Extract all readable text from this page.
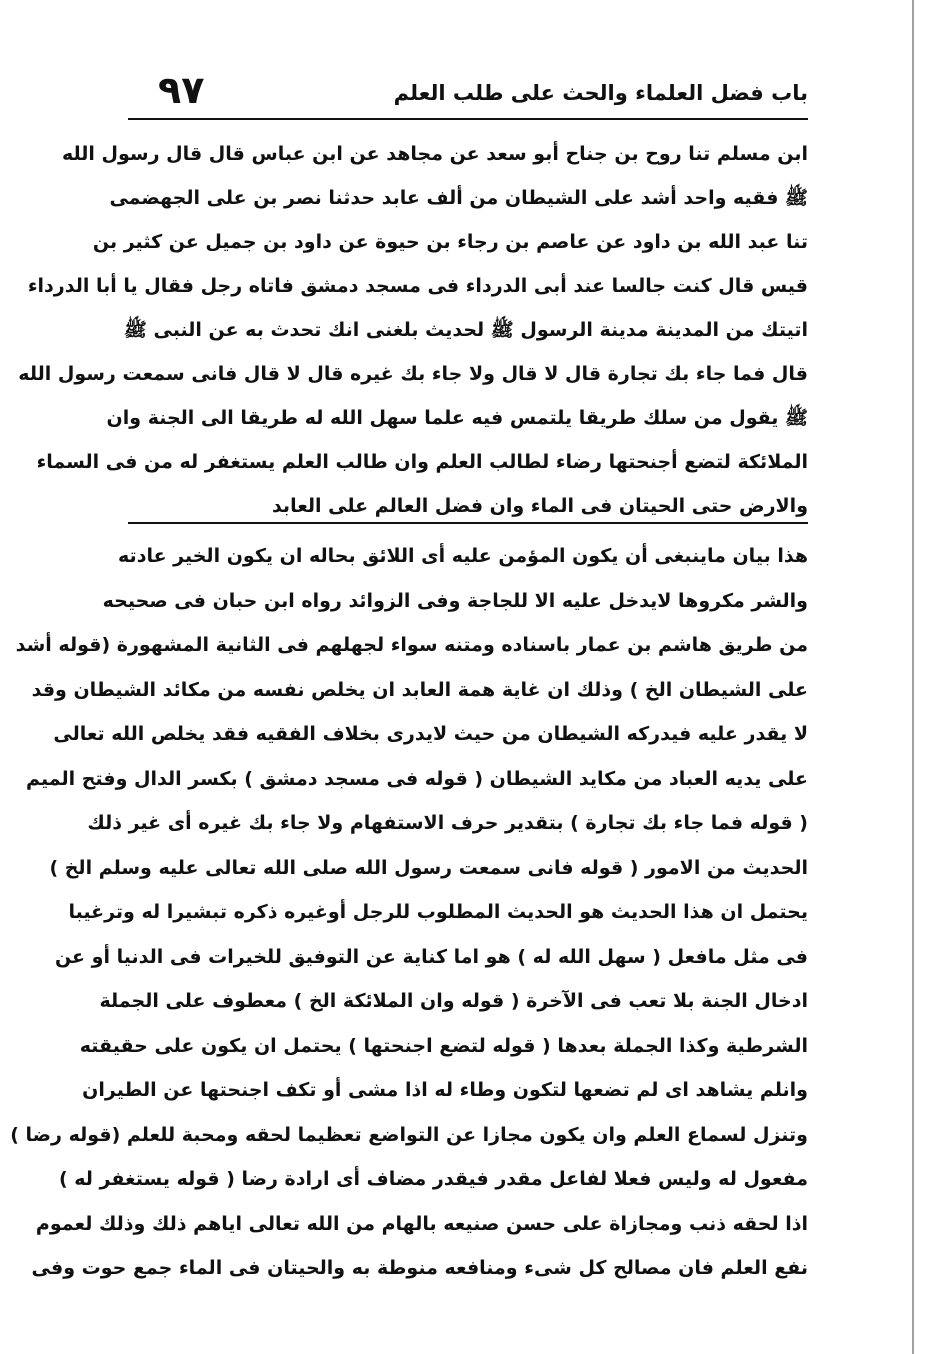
٩٧	باب فضل العلماء والحث على طلب العلم
ابن مسلم تنا روح بن جناح أبو سعد عن مجاهد عن ابن عباس قال قال رسول الله
ﷺ فقيه واحد أشد على الشيطان من ألف عابد حدثنا نصر بن على الجهضمى
تنا عبد الله بن داود عن عاصم بن رجاء بن حيوة عن داود بن جميل عن كثير بن
قيس قال كنت جالسا عند أبى الدرداء فى مسجد دمشق فاتاه رجل فقال يا أبا الدرداء
اتيتك من المدينة مدينة الرسول ﷺ لحديث بلغنى انك تحدث به عن النبى ﷺ
قال فما جاء بك تجارة قال لا قال ولا جاء بك غيره قال لا قال فانى سمعت رسول الله
ﷺ يقول من سلك طريقا يلتمس فيه علما سهل الله له طريقا الى الجنة وان
الملائكة لتضع أجنحتها رضاء لطالب العلم وان طالب العلم يستغفر له من فى السماء
والارض حتى الحيتان فى الماء وان فضل العالم على العابد
هذا بيان ماينبغى أن يكون المؤمن عليه أى اللائق بحاله ان يكون الخير عادته
والشر مكروها لايدخل عليه الا للجاجة وفى الزوائد رواه ابن حبان فى صحيحه
من طريق هاشم بن عمار باسناده ومتنه سواء لجهلهم فى الثانية المشهورة (قوله أشد
على الشيطان الخ ) وذلك ان غاية همة العابد ان يخلص نفسه من مكائد الشيطان وقد
لا يقدر عليه فيدركه الشيطان من حيث لايدرى بخلاف الفقيه فقد يخلص الله تعالى
على يديه العباد من مكايد الشيطان ( قوله فى مسجد دمشق ) بكسر الدال وفتح الميم
( قوله فما جاء بك تجارة ) بتقدير حرف الاستفهام ولا جاء بك غيره أى غير ذلك
الحديث من الامور ( قوله فانى سمعت رسول الله صلى الله تعالى عليه وسلم الخ )
يحتمل ان هذا الحديث هو الحديث المطلوب للرجل أوغيره ذكره تبشيرا له وترغيبا
فى مثل مافعل ( سهل الله له ) هو اما كناية عن التوفيق للخيرات فى الدنيا أو عن
ادخال الجنة بلا تعب فى الآخرة ( قوله وان الملائكة الخ ) معطوف على الجملة
الشرطية وكذا الجملة بعدها ( قوله لتضع اجنحتها ) يحتمل ان يكون على حقيقته
وانلم يشاهد اى لم تضعها لتكون وطاء له اذا مشى أو تكف اجنحتها عن الطيران
وتنزل لسماع العلم وان يكون مجازا عن التواضع تعظيما لحقه ومحبة للعلم (قوله رضا )
مفعول له وليس فعلا لفاعل مقدر فيقدر مضاف أى ارادة رضا ( قوله يستغفر له )
اذا لحقه ذنب ومجازاة على حسن صنيعه بالهام من الله تعالى اياهم ذلك وذلك لعموم
نفع العلم فان مصالح كل شىء ومنافعه منوطة به والحيتان فى الماء جمع حوت وفى
